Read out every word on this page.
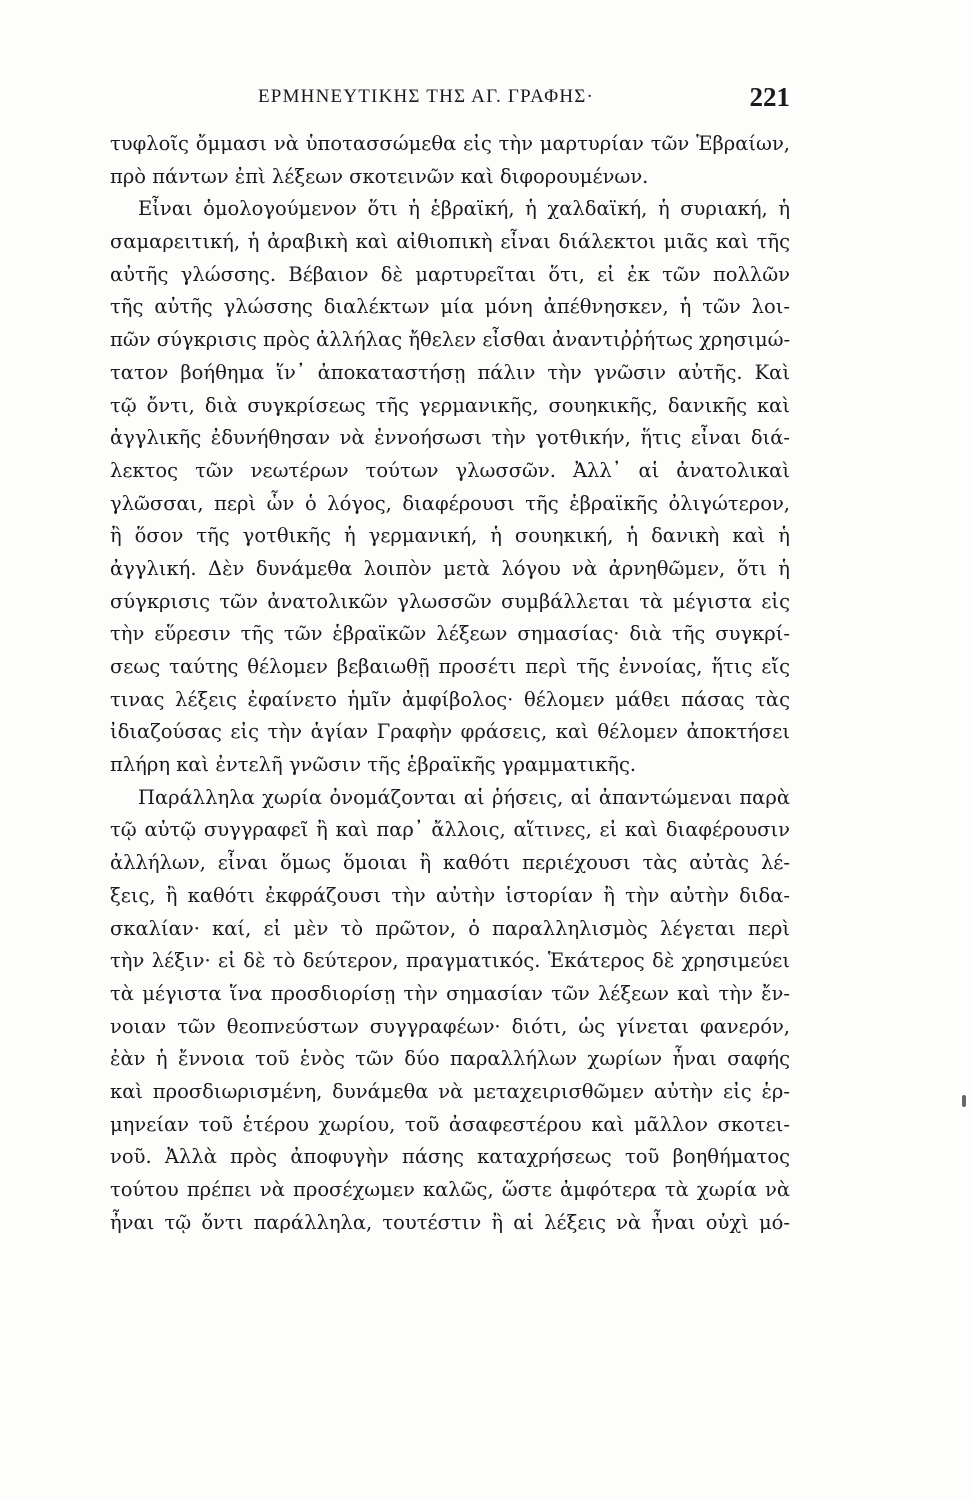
ΕΡΜΗΝΕΥΤΙΚΗΣ ΤΗΣ ΑΓ. ΓΡΑΦΗΣ·	221
τυφλοῖς ὄμμασι νὰ ὑποτασσώμεθα εἰς τὴν μαρτυρίαν τῶν Ἑβραίων,
πρὸ πάντων ἐπὶ λέξεων σκοτεινῶν καὶ διφορουμένων.
Εἶναι ὁμολογούμενον ὅτι ἡ ἑβραϊκή, ἡ χαλδαϊκή, ἡ συριακή, ἡ
σαμαρειτική, ἡ ἀραβικὴ καὶ αἰθιοπικὴ εἶναι διάλεκτοι μιᾶς καὶ τῆς
αὐτῆς γλώσσης. Βέβαιον δὲ μαρτυρεῖται ὅτι, εἰ ἐκ τῶν πολλῶν
τῆς αὐτῆς γλώσσης διαλέκτων μία μόνη ἀπέθνησκεν, ἡ τῶν λοι-
πῶν σύγκρισις πρὸς ἀλλήλας ἤθελεν εἶσθαι ἀναντιῤῥήτως χρησιμώ-
τατον βοήθημα ἵν᾽ ἀποκαταστήσῃ πάλιν τὴν γνῶσιν αὐτῆς. Καὶ
τῷ ὄντι, διὰ συγκρίσεως τῆς γερμανικῆς, σουηκικῆς, δανικῆς καὶ
ἀγγλικῆς ἐδυνήθησαν νὰ ἐννοήσωσι τὴν γοτθικήν, ἥτις εἶναι διά-
λεκτος τῶν νεωτέρων τούτων γλωσσῶν. Ἀλλ᾽ αἱ ἀνατολικαὶ
γλῶσσαι, περὶ ὧν ὁ λόγος, διαφέρουσι τῆς ἑβραϊκῆς ὀλιγώτερον,
ἢ ὅσον τῆς γοτθικῆς ἡ γερμανική, ἡ σουηκική, ἡ δανικὴ καὶ ἡ
ἀγγλική. Δὲν δυνάμεθα λοιπὸν μετὰ λόγου νὰ ἀρνηθῶμεν, ὅτι ἡ
σύγκρισις τῶν ἀνατολικῶν γλωσσῶν συμβάλλεται τὰ μέγιστα εἰς
τὴν εὕρεσιν τῆς τῶν ἑβραϊκῶν λέξεων σημασίας· διὰ τῆς συγκρί-
σεως ταύτης θέλομεν βεβαιωθῇ προσέτι περὶ τῆς ἐννοίας, ἥτις εἴς
τινας λέξεις ἐφαίνετο ἡμῖν ἀμφίβολος· θέλομεν μάθει πάσας τὰς
ἰδιαζούσας εἰς τὴν ἁγίαν Γραφὴν φράσεις, καὶ θέλομεν ἀποκτήσει
πλήρη καὶ ἐντελῆ γνῶσιν τῆς ἑβραϊκῆς γραμματικῆς.
Παράλληλα χωρία ὀνομάζονται αἱ ῥήσεις, αἱ ἀπαντώμεναι παρὰ
τῷ αὐτῷ συγγραφεῖ ἢ καὶ παρ᾽ ἄλλοις, αἵτινες, εἰ καὶ διαφέρουσιν
ἀλλήλων, εἶναι ὅμως ὅμοιαι ἢ καθότι περιέχουσι τὰς αὐτὰς λέ-
ξεις, ἢ καθότι ἐκφράζουσι τὴν αὐτὴν ἱστορίαν ἢ τὴν αὐτὴν διδα-
σκαλίαν· καί, εἰ μὲν τὸ πρῶτον, ὁ παραλληλισμὸς λέγεται περὶ
τὴν λέξιν· εἰ δὲ τὸ δεύτερον, πραγματικός. Ἑκάτερος δὲ χρησιμεύει
τὰ μέγιστα ἵνα προσδιορίσῃ τὴν σημασίαν τῶν λέξεων καὶ τὴν ἔν-
νοιαν τῶν θεοπνεύστων συγγραφέων· διότι, ὡς γίνεται φανερόν,
ἐὰν ἡ ἔννοια τοῦ ἑνὸς τῶν δύο παραλλήλων χωρίων ἦναι σαφής
καὶ προσδιωρισμένη, δυνάμεθα νὰ μεταχειρισθῶμεν αὐτὴν εἰς ἑρ-
μηνείαν τοῦ ἑτέρου χωρίου, τοῦ ἀσαφεστέρου καὶ μᾶλλον σκοτει-
νοῦ. Ἀλλὰ πρὸς ἀποφυγὴν πάσης καταχρήσεως τοῦ βοηθήματος
τούτου πρέπει νὰ προσέχωμεν καλῶς, ὥστε ἀμφότερα τὰ χωρία νὰ
ἦναι τῷ ὄντι παράλληλα, τουτέστιν ἢ αἱ λέξεις νὰ ἦναι οὐχὶ μό-
